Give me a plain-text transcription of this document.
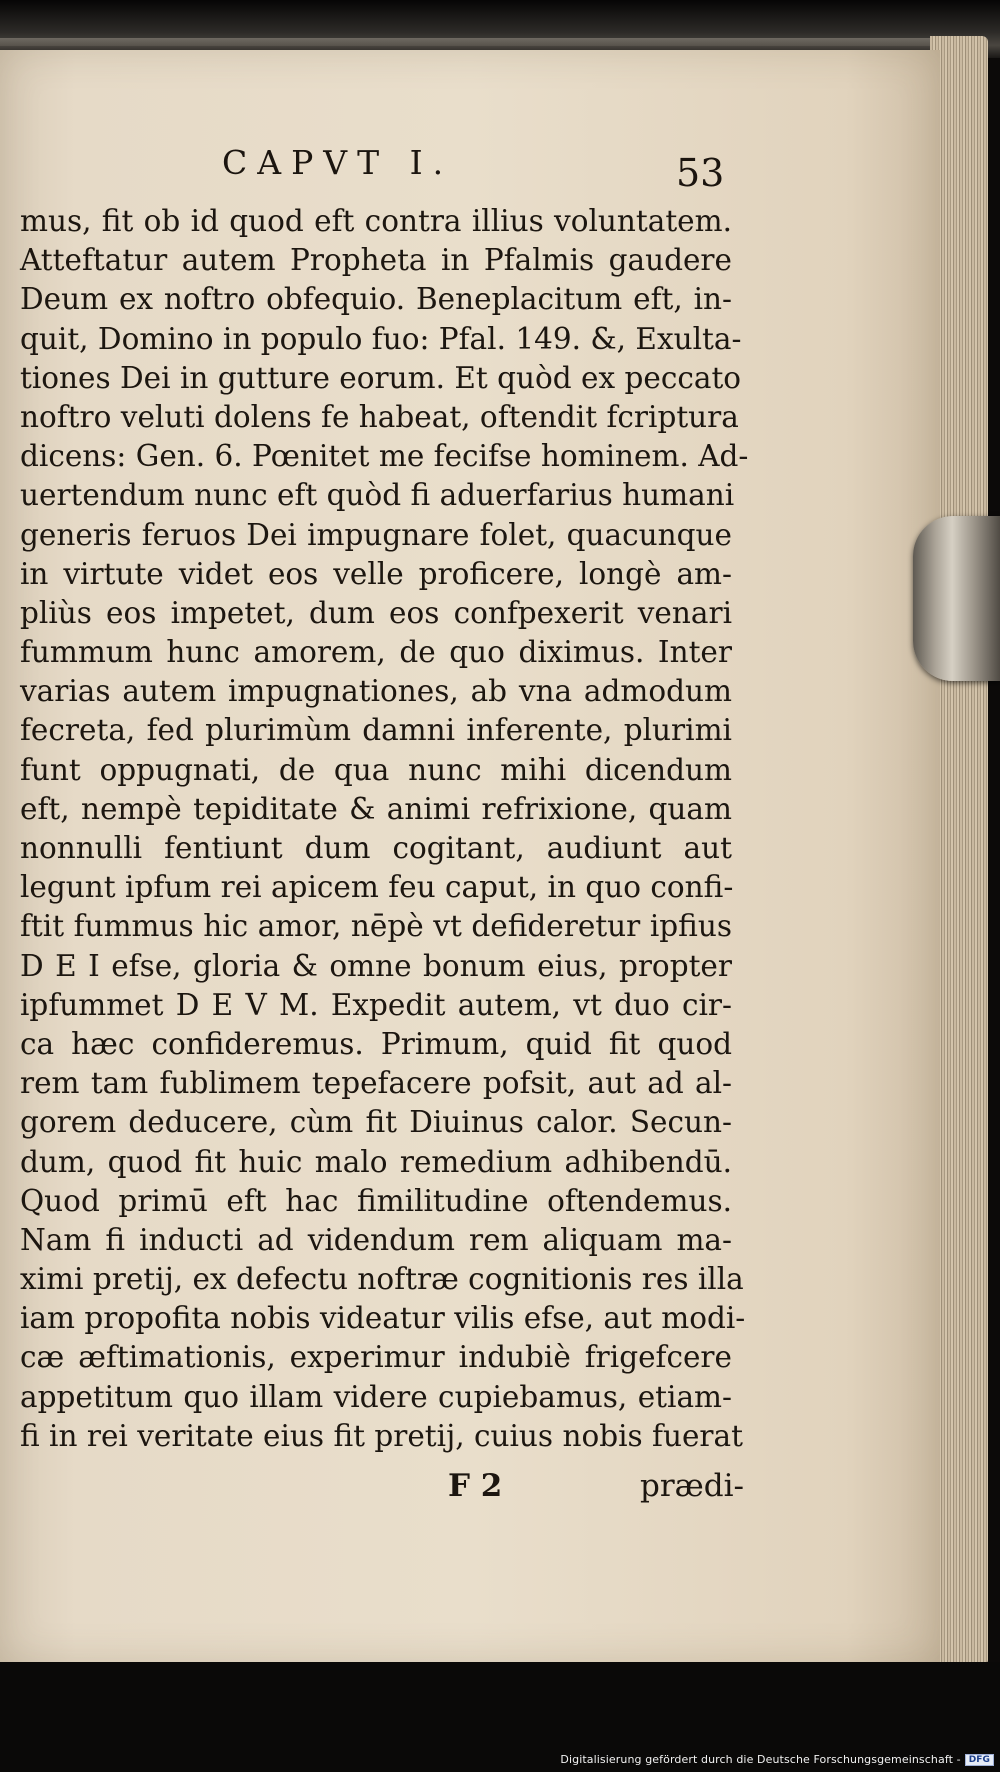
CAPVT I.	53
mus, fit ob id quod eft contra illius voluntatem.
Atteftatur autem Propheta in Pfalmis gaudere
Deum ex noftro obfequio. Beneplacitum eft, in-
quit, Domino in populo fuo: Pfal. 149. &, Exulta-
tiones Dei in gutture eorum. Et quòd ex peccato
noftro veluti dolens fe habeat, oftendit fcriptura
dicens: Gen. 6. Pœnitet me fecifse hominem. Ad-
uertendum nunc eft quòd fi aduerfarius humani
generis feruos Dei impugnare folet, quacunque
in virtute videt eos velle proficere, longè am-
pliùs eos impetet, dum eos confpexerit venari
fummum hunc amorem, de quo diximus. Inter
varias autem impugnationes, ab vna admodum
fecreta, fed plurimùm damni inferente, plurimi
funt oppugnati, de qua nunc mihi dicendum
eft, nempè tepiditate & animi refrixione, quam
nonnulli fentiunt dum cogitant, audiunt aut
legunt ipfum rei apicem feu caput, in quo confi-
ftit fummus hic amor, nēpè vt defideretur ipfius
D E I efse, gloria & omne bonum eius, propter
ipfummet D E V M. Expedit autem, vt duo cir-
ca hæc confideremus. Primum, quid fit quod
rem tam fublimem tepefacere pofsit, aut ad al-
gorem deducere, cùm fit Diuinus calor. Secun-
dum, quod fit huic malo remedium adhibendū.
Quod primū eft hac fimilitudine oftendemus.
Nam fi inducti ad videndum rem aliquam ma-
ximi pretij, ex defectu noftræ cognitionis res illa
iam propofita nobis videatur vilis efse, aut modi-
cæ æftimationis, experimur indubiè frigefcere
appetitum quo illam videre cupiebamus, etiam-
fi in rei veritate eius fit pretij, cuius nobis fuerat
F 2	prædi-
Digitalisierung gefördert durch die Deutsche Forschungsgemeinschaft - DFG
